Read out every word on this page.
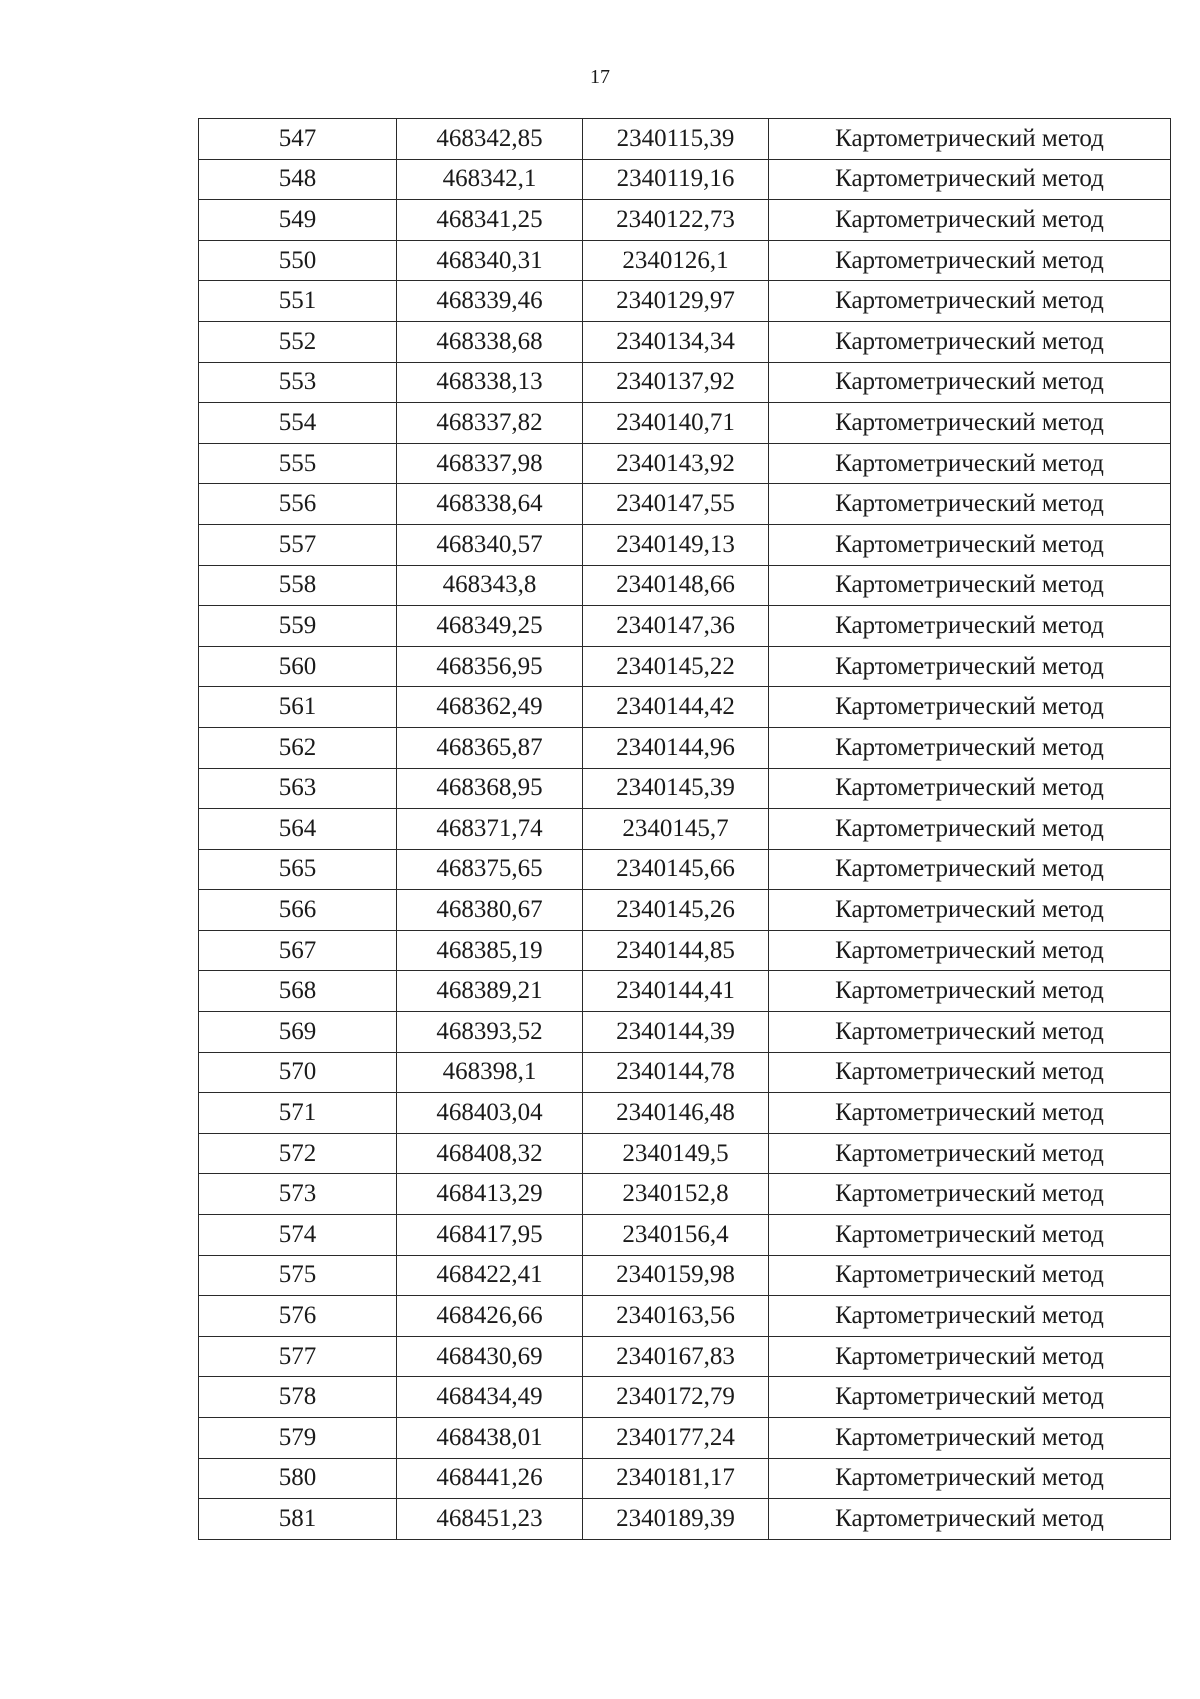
17
547	468342,85	2340115,39	Картометрический метод
548	468342,1	2340119,16	Картометрический метод
549	468341,25	2340122,73	Картометрический метод
550	468340,31	2340126,1	Картометрический метод
551	468339,46	2340129,97	Картометрический метод
552	468338,68	2340134,34	Картометрический метод
553	468338,13	2340137,92	Картометрический метод
554	468337,82	2340140,71	Картометрический метод
555	468337,98	2340143,92	Картометрический метод
556	468338,64	2340147,55	Картометрический метод
557	468340,57	2340149,13	Картометрический метод
558	468343,8	2340148,66	Картометрический метод
559	468349,25	2340147,36	Картометрический метод
560	468356,95	2340145,22	Картометрический метод
561	468362,49	2340144,42	Картометрический метод
562	468365,87	2340144,96	Картометрический метод
563	468368,95	2340145,39	Картометрический метод
564	468371,74	2340145,7	Картометрический метод
565	468375,65	2340145,66	Картометрический метод
566	468380,67	2340145,26	Картометрический метод
567	468385,19	2340144,85	Картометрический метод
568	468389,21	2340144,41	Картометрический метод
569	468393,52	2340144,39	Картометрический метод
570	468398,1	2340144,78	Картометрический метод
571	468403,04	2340146,48	Картометрический метод
572	468408,32	2340149,5	Картометрический метод
573	468413,29	2340152,8	Картометрический метод
574	468417,95	2340156,4	Картометрический метод
575	468422,41	2340159,98	Картометрический метод
576	468426,66	2340163,56	Картометрический метод
577	468430,69	2340167,83	Картометрический метод
578	468434,49	2340172,79	Картометрический метод
579	468438,01	2340177,24	Картометрический метод
580	468441,26	2340181,17	Картометрический метод
581	468451,23	2340189,39	Картометрический метод
